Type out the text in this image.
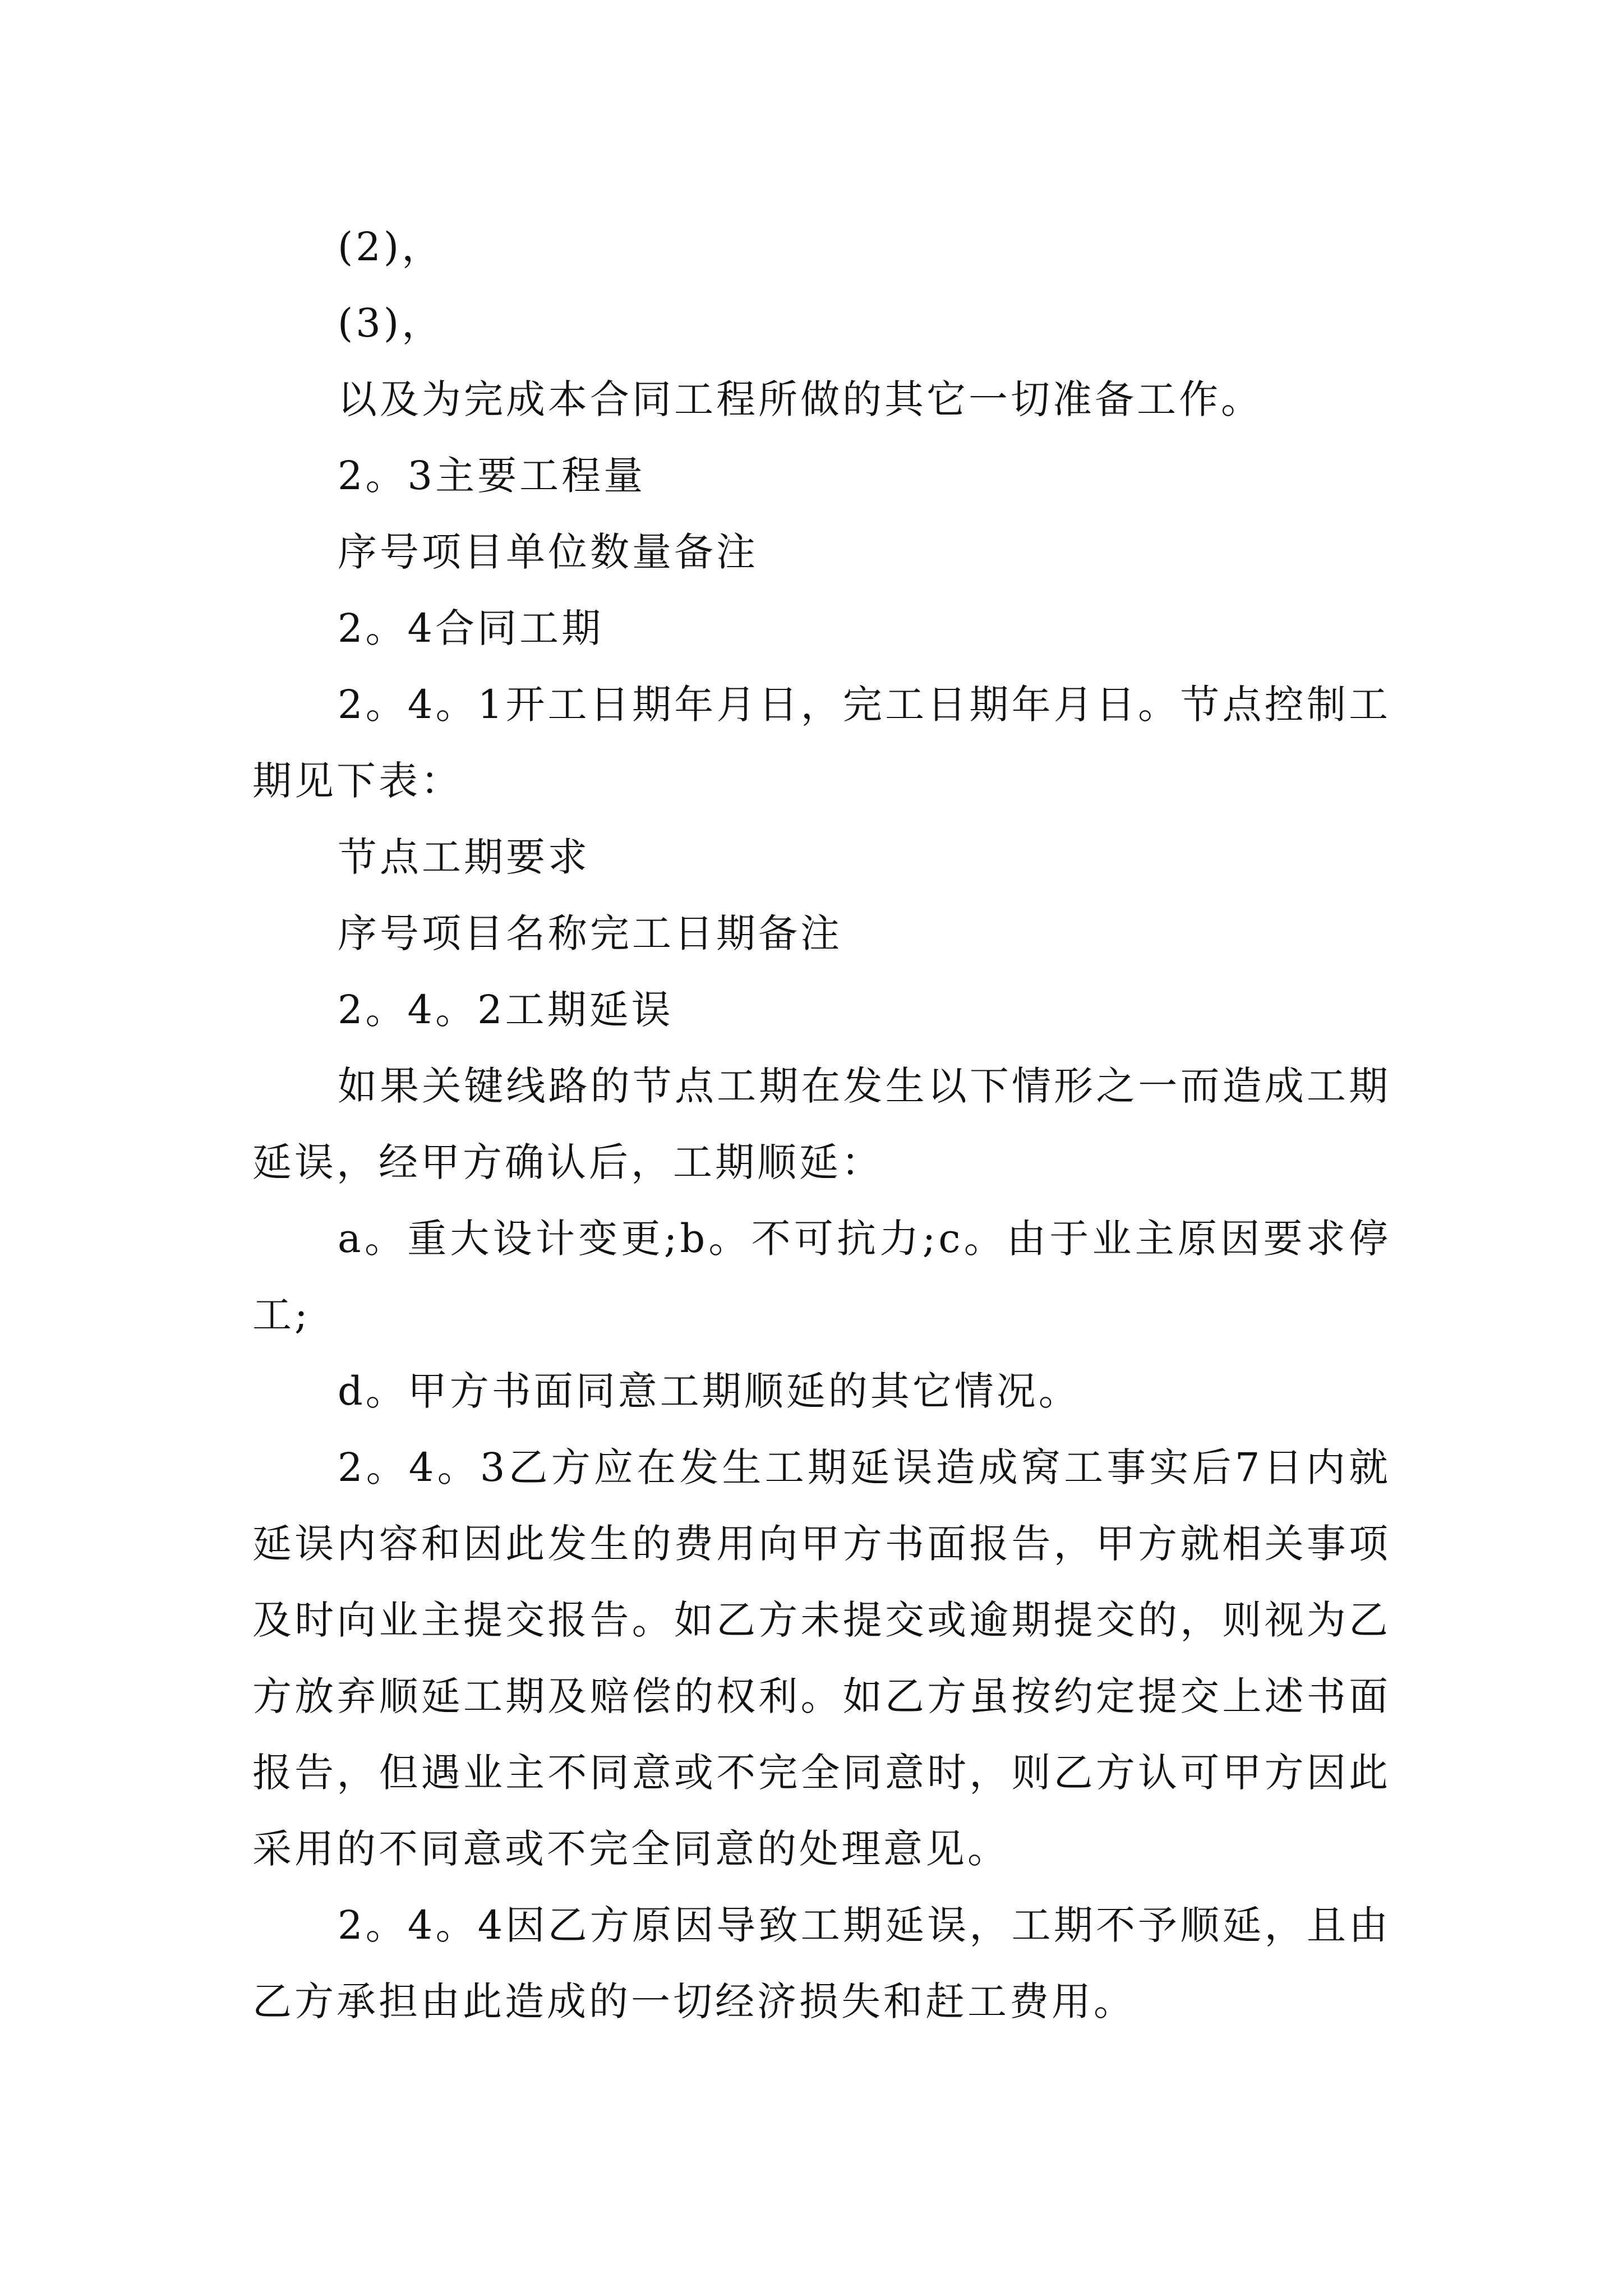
(2)，

(3)，

以及为完成本合同工程所做的其它一切准备工作。

2。3主要工程量

序号项目单位数量备注

2。4合同工期

2。4。1开工日期年月日，完工日期年月日。节点控制工期见下表：

节点工期要求

序号项目名称完工日期备注

2。4。2工期延误

如果关键线路的节点工期在发生以下情形之一而造成工期延误，经甲方确认后，工期顺延：

a。重大设计变更;b。不可抗力;c。由于业主原因要求停工;

d。甲方书面同意工期顺延的其它情况。

2。4。3乙方应在发生工期延误造成窝工事实后7日内就延误内容和因此发生的费用向甲方书面报告，甲方就相关事项及时向业主提交报告。如乙方未提交或逾期提交的，则视为乙方放弃顺延工期及赔偿的权利。如乙方虽按约定提交上述书面报告，但遇业主不同意或不完全同意时，则乙方认可甲方因此采用的不同意或不完全同意的处理意见。

2。4。4因乙方原因导致工期延误，工期不予顺延，且由乙方承担由此造成的一切经济损失和赶工费用。
